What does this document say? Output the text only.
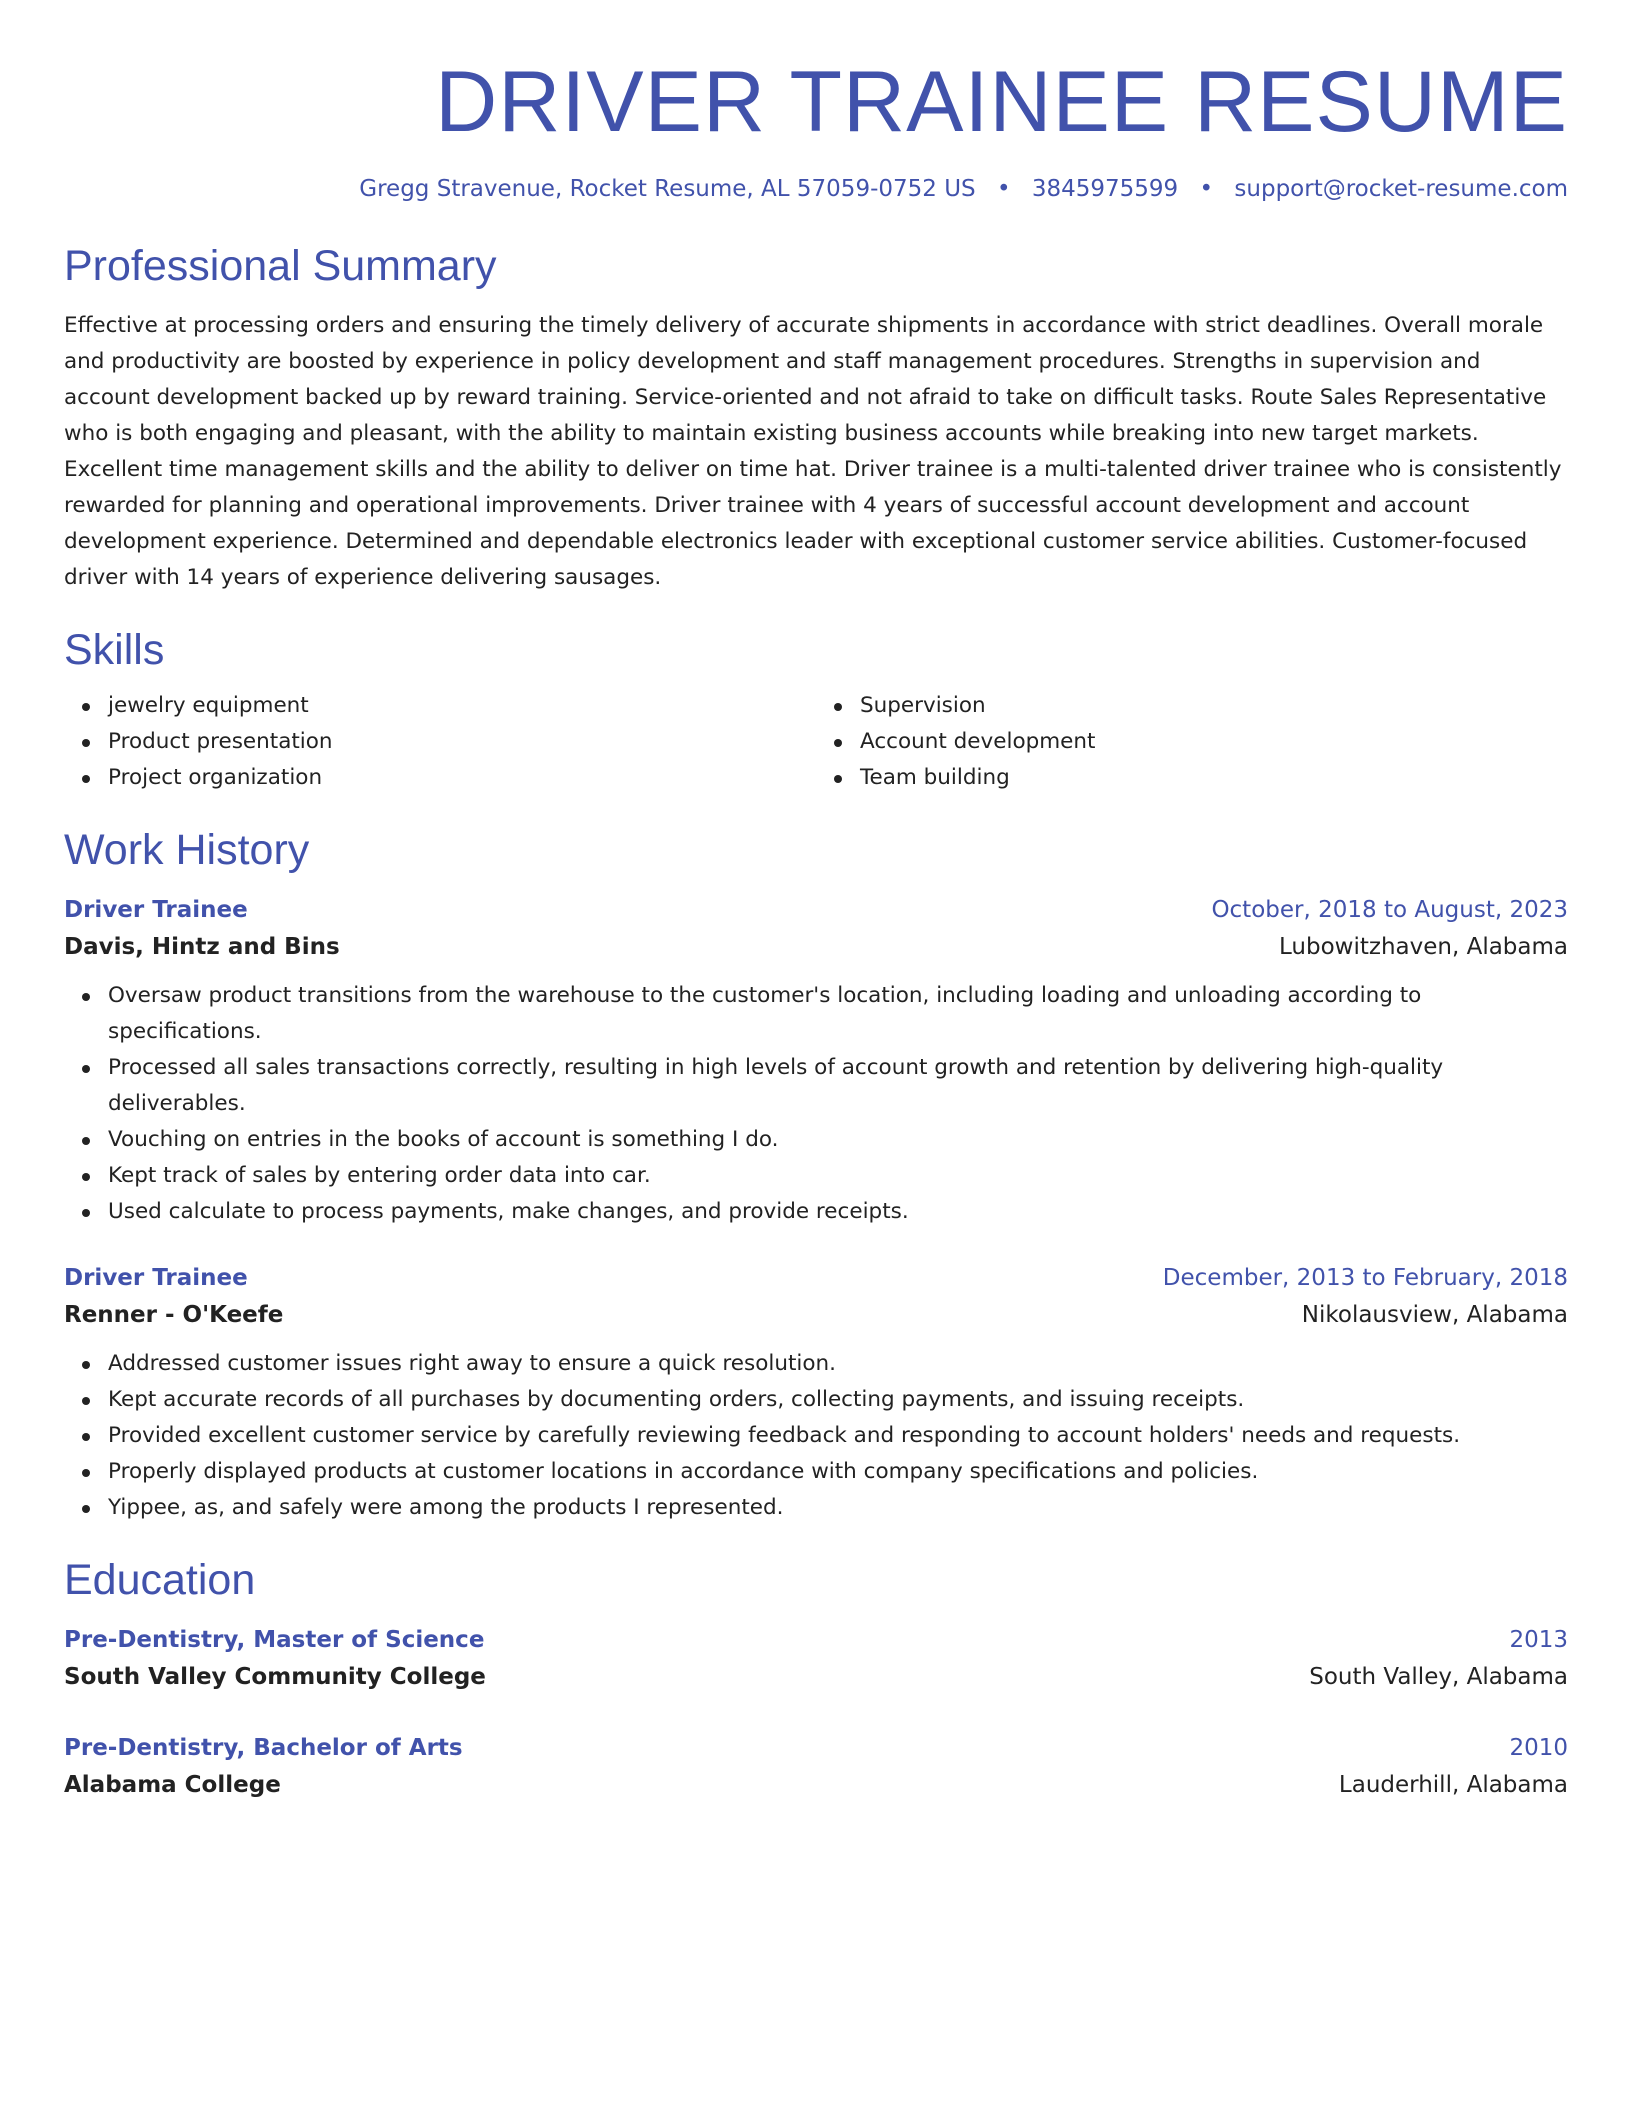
DRIVER TRAINEE RESUME
Gregg Stravenue, Rocket Resume, AL 57059-0752 US • 3845975599 • support@rocket-resume.com
Professional Summary

Effective at processing orders and ensuring the timely delivery of accurate shipments in accordance with strict deadlines. Overall morale and productivity are boosted by experience in policy development and staff management procedures. Strengths in supervision and account development backed up by reward training. Service-oriented and not afraid to take on difficult tasks. Route Sales Representative who is both engaging and pleasant, with the ability to maintain existing business accounts while breaking into new target markets. Excellent time management skills and the ability to deliver on time hat. Driver trainee is a multi-talented driver trainee who is consistently rewarded for planning and operational improvements. Driver trainee with 4 years of successful account development and account development experience. Determined and dependable electronics leader with exceptional customer service abilities. Customer-focused driver with 14 years of experience delivering sausages.

Skills
jewelry equipment
Product presentation
Project organization
Supervision
Account development
Team building
Work History
Driver Trainee	October, 2018 to August, 2023
Davis, Hintz and Bins	Lubowitzhaven, Alabama
Oversaw product transitions from the warehouse to the customer's location, including loading and unloading according to specifications.
Processed all sales transactions correctly, resulting in high levels of account growth and retention by delivering high-quality deliverables.
Vouching on entries in the books of account is something I do.
Kept track of sales by entering order data into car.
Used calculate to process payments, make changes, and provide receipts.
Driver Trainee	December, 2013 to February, 2018
Renner - O'Keefe	Nikolausview, Alabama
Addressed customer issues right away to ensure a quick resolution.
Kept accurate records of all purchases by documenting orders, collecting payments, and issuing receipts.
Provided excellent customer service by carefully reviewing feedback and responding to account holders' needs and requests.
Properly displayed products at customer locations in accordance with company specifications and policies.
Yippee, as, and safely were among the products I represented.
Education
Pre-Dentistry, Master of Science	2013
South Valley Community College	South Valley, Alabama
Pre-Dentistry, Bachelor of Arts	2010
Alabama College	Lauderhill, Alabama
